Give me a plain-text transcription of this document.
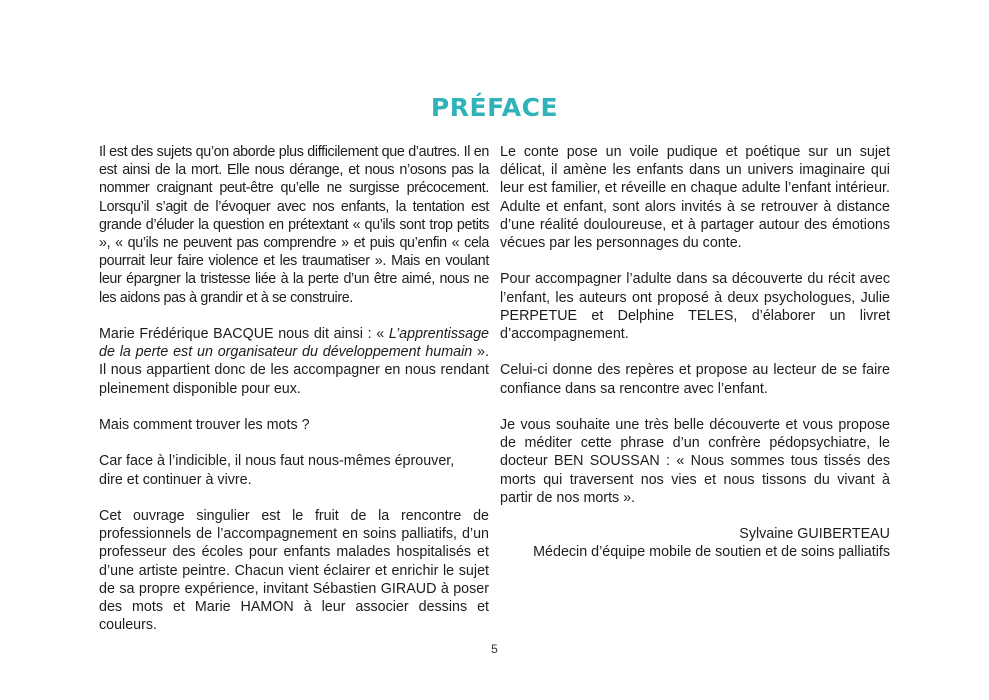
PRÉFACE

Il est des sujets qu’on aborde plus difficilement que d’autres. Il en est ainsi de la mort. Elle nous dérange, et nous n’osons pas la nommer craignant peut-être qu’elle ne surgisse précocement. Lorsqu’il s’agit de l’évoquer avec nos enfants, la tentation est grande d’éluder la question en prétextant « qu’ils sont trop petits », « qu’ils ne peuvent pas comprendre » et puis qu’enfin « cela pourrait leur faire violence et les traumatiser ». Mais en voulant leur épargner la tristesse liée à la perte d’un être aimé, nous ne les aidons pas à grandir et à se construire.

Marie Frédérique BACQUE nous dit ainsi : « L’apprentissage de la perte est un organisateur du développement humain ». Il nous appartient donc de les accompagner en nous rendant pleinement disponible pour eux.

Mais comment trouver les mots ?

Car face à l’indicible, il nous faut nous-mêmes éprouver,
dire et continuer à vivre.

Cet ouvrage singulier est le fruit de la rencontre de professionnels de l’accompagnement en soins palliatifs, d’un professeur des écoles pour enfants malades hospitalisés et d’une artiste peintre. Chacun vient éclairer et enrichir le sujet de sa propre expérience, invitant Sébastien GIRAUD à poser des mots et Marie HAMON à leur associer dessins et couleurs.

Le conte pose un voile pudique et poétique sur un sujet délicat, il amène les enfants dans un univers imaginaire qui leur est familier, et réveille en chaque adulte l’enfant intérieur. Adulte et enfant, sont alors invités à se retrouver à distance d’une réalité douloureuse, et à partager autour des émotions vécues par les personnages du conte.

Pour accompagner l’adulte dans sa découverte du récit avec l’enfant, les auteurs ont proposé à deux psychologues, Julie PERPETUE et Delphine TELES, d’élaborer un livret d’accompagnement.

Celui-ci donne des repères et propose au lecteur de se faire confiance dans sa rencontre avec l’enfant.

Je vous souhaite une très belle découverte et vous propose de méditer cette phrase d’un confrère pédopsychiatre, le docteur BEN SOUSSAN : « Nous sommes tous tissés des morts qui traversent nos vies et nous tissons du vivant à partir de nos morts ».

Sylvaine GUIBERTEAU
Médecin d’équipe mobile de soutien et de soins palliatifs
5
